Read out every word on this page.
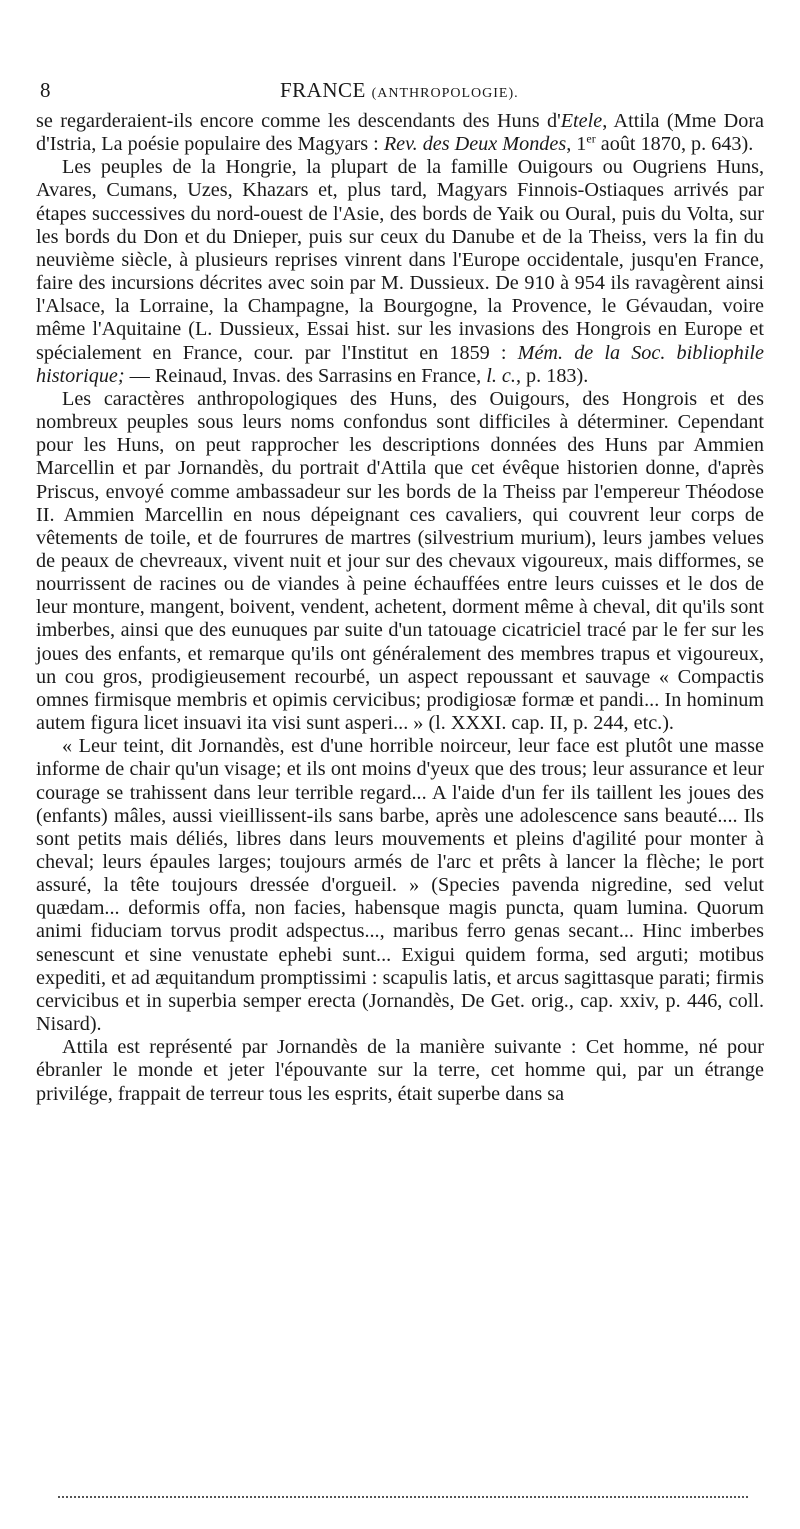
8	FRANCE (ANTHROPOLOGIE).

se regarderaient-ils encore comme les descendants des Huns d'Etele, Attila (Mme Dora d'Istria, La poésie populaire des Magyars : Rev. des Deux Mondes, 1er août 1870, p. 643).

Les peuples de la Hongrie, la plupart de la famille Ouigours ou Ougriens Huns, Avares, Cumans, Uzes, Khazars et, plus tard, Magyars Finnois-Ostiaques arrivés par étapes successives du nord-ouest de l'Asie, des bords de Yaik ou Oural, puis du Volta, sur les bords du Don et du Dnieper, puis sur ceux du Danube et de la Theiss, vers la fin du neuvième siècle, à plusieurs reprises vinrent dans l'Europe occidentale, jusqu'en France, faire des incursions décrites avec soin par M. Dussieux. De 910 à 954 ils ravagèrent ainsi l'Alsace, la Lorraine, la Champagne, la Bourgogne, la Provence, le Gévaudan, voire même l'Aquitaine (L. Dussieux, Essai hist. sur les invasions des Hongrois en Europe et spécialement en France, cour. par l'Institut en 1859 : Mém. de la Soc. bibliophile historique; — Reinaud, Invas. des Sarrasins en France, l. c., p. 183).

Les caractères anthropologiques des Huns, des Ouigours, des Hongrois et des nombreux peuples sous leurs noms confondus sont difficiles à déterminer. Cependant pour les Huns, on peut rapprocher les descriptions données des Huns par Ammien Marcellin et par Jornandès, du portrait d'Attila que cet évêque historien donne, d'après Priscus, envoyé comme ambassadeur sur les bords de la Theiss par l'empereur Théodose II. Ammien Marcellin en nous dépeignant ces cavaliers, qui couvrent leur corps de vêtements de toile, et de fourrures de martres (silvestrium murium), leurs jambes velues de peaux de chevreaux, vivent nuit et jour sur des chevaux vigoureux, mais difformes, se nourrissent de racines ou de viandes à peine échauffées entre leurs cuisses et le dos de leur monture, mangent, boivent, vendent, achetent, dorment même à cheval, dit qu'ils sont imberbes, ainsi que des eunuques par suite d'un tatouage cicatriciel tracé par le fer sur les joues des enfants, et remarque qu'ils ont généralement des membres trapus et vigoureux, un cou gros, prodigieusement recourbé, un aspect repoussant et sauvage « Compactis omnes firmisque membris et opimis cervicibus; prodigiosæ formæ et pandi... In hominum autem figura licet insuavi ita visi sunt asperi... » (l. XXXI. cap. II, p. 244, etc.).

« Leur teint, dit Jornandès, est d'une horrible noirceur, leur face est plutôt une masse informe de chair qu'un visage; et ils ont moins d'yeux que des trous; leur assurance et leur courage se trahissent dans leur terrible regard... A l'aide d'un fer ils taillent les joues des (enfants) mâles, aussi vieillissent-ils sans barbe, après une adolescence sans beauté.... Ils sont petits mais déliés, libres dans leurs mouvements et pleins d'agilité pour monter à cheval; leurs épaules larges; toujours armés de l'arc et prêts à lancer la flèche; le port assuré, la tête toujours dressée d'orgueil. » (Species pavenda nigredine, sed velut quædam... deformis offa, non facies, habensque magis puncta, quam lumina. Quorum animi fiduciam torvus prodit adspectus..., maribus ferro genas secant... Hinc imberbes senescunt et sine venustate ephebi sunt... Exigui quidem forma, sed arguti; motibus expediti, et ad æquitandum promptissimi : scapulis latis, et arcus sagittasque parati; firmis cervicibus et in superbia semper erecta (Jornandès, De Get. orig., cap. xxiv, p. 446, coll. Nisard).

Attila est représenté par Jornandès de la manière suivante : Cet homme, né pour ébranler le monde et jeter l'épouvante sur la terre, cet homme qui, par un étrange privilége, frappait de terreur tous les esprits, était superbe dans sa
